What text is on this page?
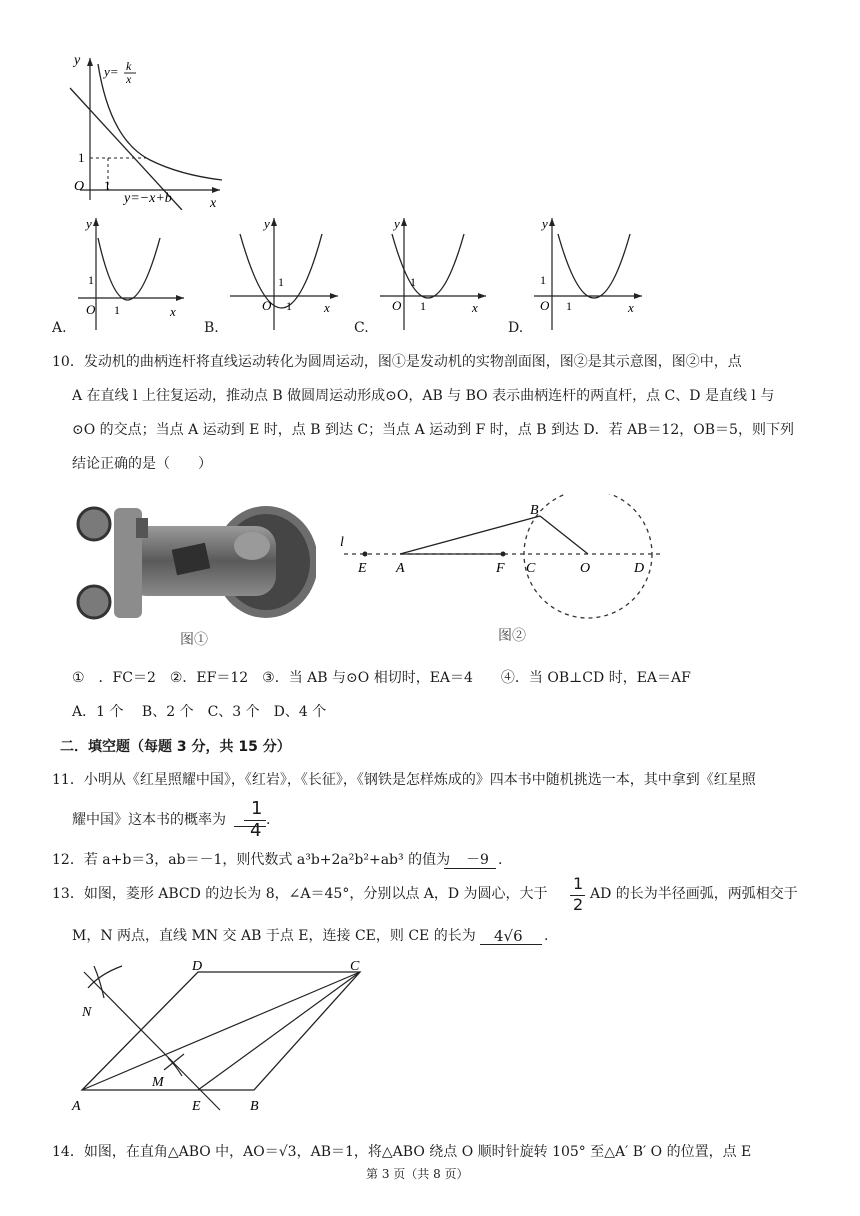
y
x
O 1
1
y= k
x
y=−x+b
y
x
O 1
1
A.
y
x
O 1
1
B.
y
x
O 1
1
C.
y
x
O 1
1
D.
10．发动机的曲柄连杆将直线运动转化为圆周运动，图①是发动机的实物剖面图，图②是其示意图，图②中，点
A 在直线 l 上往复运动，推动点 B 做圆周运动形成⊙O，AB 与 BO 表示曲柄连杆的两直杆，点 C、D 是直线 l 与
⊙O 的交点；当点 A 运动到 E 时，点 B 到达 C；当点 A 运动到 F 时，点 B 到达 D．若 AB＝12，OB＝5，则下列
结论正确的是（　　）
图①
l
E A	F C	O	D
B
图②
①　．FC＝2　②．EF＝12　③．当 AB 与⊙O 相切时，EA＝4　　④．当 OB⊥CD 时，EA＝AF
A．1 个　 B、2 个　C、3 个　D、4 个
二．填空题（每题 3 分，共 15 分）
11．小明从《红星照耀中国》，《红岩》，《长征》，《钢铁是怎样炼成的》四本书中随机挑选一本，其中拿到《红星照
耀中国》这本书的概率为
1
4 .
12．若 a+b＝3，ab＝－1，则代数式 a³b+2a²b²+ab³ 的值为 －9 .
13．如图，菱形 ABCD 的边长为 8，∠A＝45°，分别以点 A，D 为圆心，大于
1
2
AD 的长为半径画弧，两弧相交于
M，N 两点，直线 MN 交 AB 于点 E，连接 CE，则 CE 的长为 4√6 .
A	E	B
C
D
M
N
14．如图，在直角△ABO 中，AO＝√3，AB＝1，将△ABO 绕点 O 顺时针旋转 105° 至△A′ B′ O 的位置，点 E
第 3 页（共 8 页）
